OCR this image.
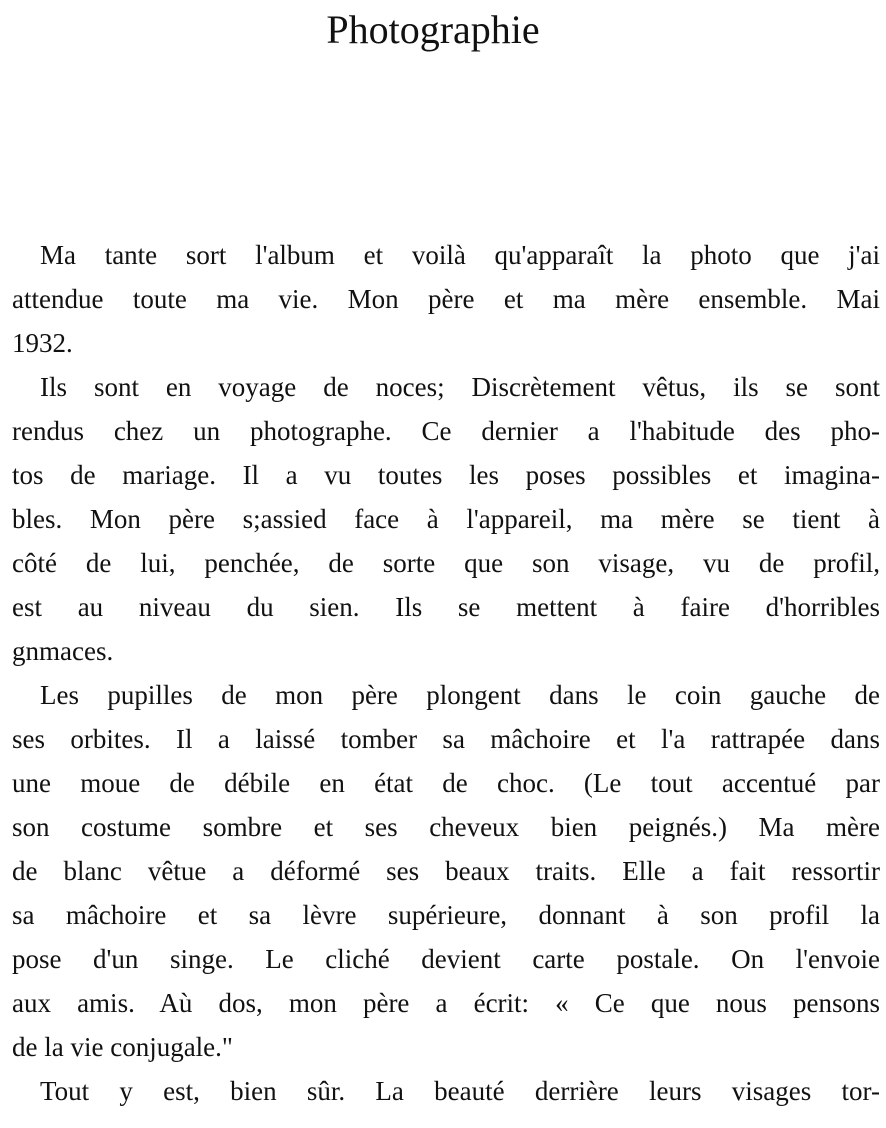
Photographie
Ma tante sort l'album et voilà qu'apparaît la photo que j'ai
attendue toute ma vie. Mon père et ma mère ensemble. Mai
1932.
Ils sont en voyage de noces; Discrètement vêtus, ils se sont
rendus chez un photographe. Ce dernier a l'habitude des pho-
tos de mariage. Il a vu toutes les poses possibles et imagina-
bles. Mon père s;assied face à l'appareil, ma mère se tient à
côté de lui, penchée, de sorte que son visage, vu de profil,
est au niveau du sien. Ils se mettent à faire d'horribles
gnmaces.
Les pupilles de mon père plongent dans le coin gauche de
ses orbites. Il a laissé tomber sa mâchoire et l'a rattrapée dans
une moue de débile en état de choc. (Le tout accentué par
son costume sombre et ses cheveux bien peignés.) Ma mère
de blanc vêtue a déformé ses beaux traits. Elle a fait ressortir
sa mâchoire et sa lèvre supérieure, donnant à son profil la
pose d'un singe. Le cliché devient carte postale. On l'envoie
aux amis. Aù dos, mon père a écrit: « Ce que nous pensons
de la vie conjugale."
Tout y est, bien sûr. La beauté derrière leurs visages tor-
